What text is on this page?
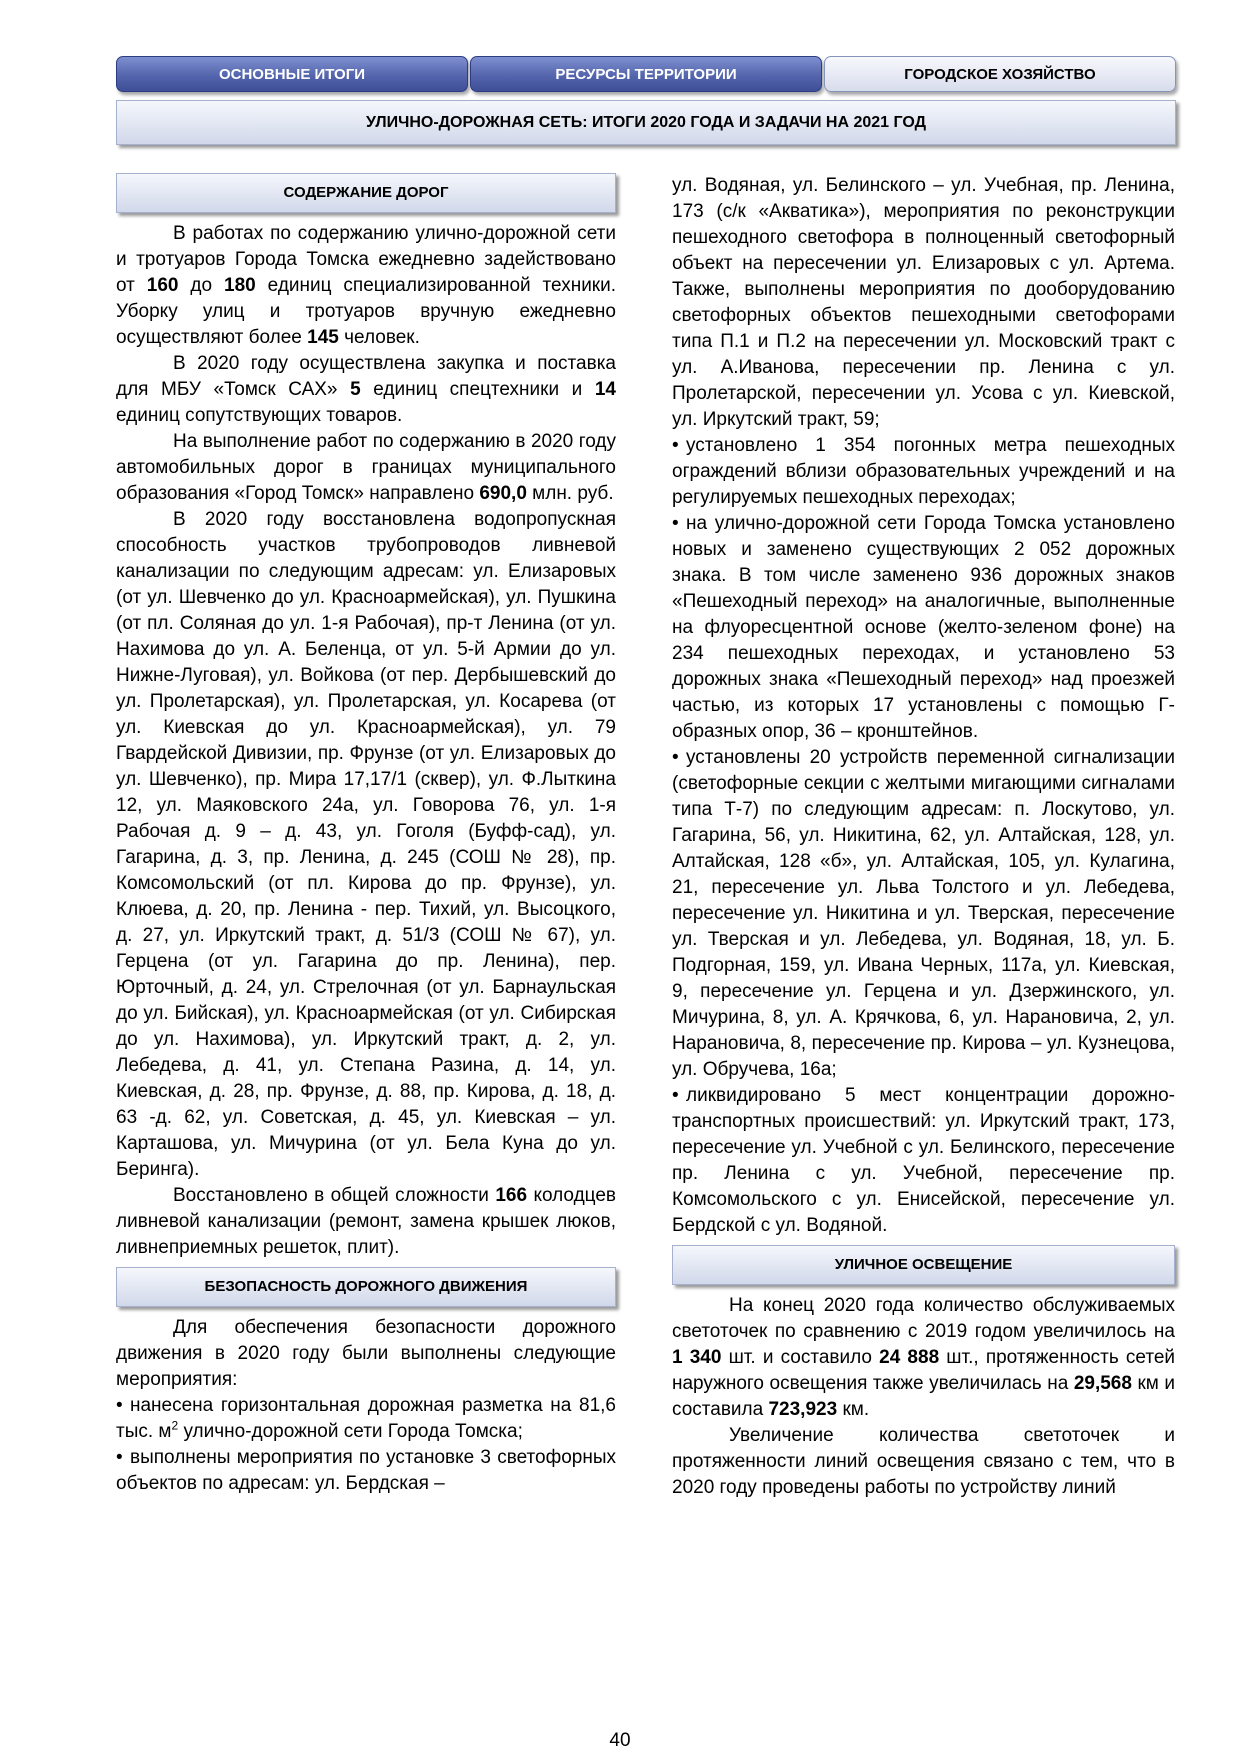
ОСНОВНЫЕ ИТОГИ	РЕСУРСЫ ТЕРРИТОРИИ	ГОРОДСКОЕ ХОЗЯЙСТВО
УЛИЧНО-ДОРОЖНАЯ СЕТЬ: ИТОГИ 2020 ГОДА И ЗАДАЧИ НА 2021 ГОД
СОДЕРЖАНИЕ ДОРОГ

В работах по содержанию улично-дорожной сети и тротуаров Города Томска ежедневно задействовано от 160 до 180 единиц специализированной техники. Уборку улиц и тротуаров вручную ежедневно осуществляют более 145 человек.

В 2020 году осуществлена закупка и поставка для МБУ «Томск САХ» 5 единиц спецтехники и 14 единиц сопутствующих товаров.

На выполнение работ по содержанию в 2020 году автомобильных дорог в границах муниципального образования «Город Томск» направлено 690,0 млн. руб.

В 2020 году восстановлена водопропускная способность участков трубопроводов ливневой канализации по следующим адресам: ул. Елизаровых (от ул. Шевченко до ул. Красноармейская), ул. Пушкина (от пл. Соляная до ул. 1-я Рабочая), пр-т Ленина (от ул. Нахимова до ул. А. Беленца, от ул. 5-й Армии до ул. Нижне-Луговая), ул. Войкова (от пер. Дербышевский до ул. Пролетарская), ул. Пролетарская, ул. Косарева (от ул. Киевская до ул. Красноармейская), ул. 79 Гвардейской Дивизии, пр. Фрунзе (от ул. Елизаровых до ул. Шевченко), пр. Мира 17,17/1 (сквер), ул. Ф.Лыткина 12, ул. Маяковского 24а, ул. Говорова 76, ул. 1-я Рабочая д. 9 – д. 43, ул. Гоголя (Буфф-сад), ул. Гагарина, д. 3, пр. Ленина, д. 245 (СОШ № 28), пр. Комсомольский (от пл. Кирова до пр. Фрунзе), ул. Клюева, д. 20, пр. Ленина - пер. Тихий, ул. Высоцкого, д. 27, ул. Иркутский тракт, д. 51/3 (СОШ № 67), ул. Герцена (от ул. Гагарина до пр. Ленина), пер. Юрточный, д. 24, ул. Стрелочная (от ул. Барнаульская до ул. Бийская), ул. Красноармейская (от ул. Сибирская до ул. Нахимова), ул. Иркутский тракт, д. 2, ул. Лебедева, д. 41, ул. Степана Разина, д. 14, ул. Киевская, д. 28, пр. Фрунзе, д. 88, пр. Кирова, д. 18, д. 63 -д. 62, ул. Советская, д. 45, ул. Киевская – ул. Карташова, ул. Мичурина (от ул. Бела Куна до ул. Беринга).

Восстановлено в общей сложности 166 колодцев ливневой канализации (ремонт, замена крышек люков, ливнеприемных решеток, плит).

БЕЗОПАСНОСТЬ ДОРОЖНОГО ДВИЖЕНИЯ

Для обеспечения безопасности дорожного движения в 2020 году были выполнены следующие мероприятия:

• нанесена горизонтальная дорожная разметка на 81,6 тыс. $м^2$ улично-дорожной сети Города Томска;

• выполнены мероприятия по установке 3 светофорных объектов по адресам: ул. Бердская –

ул. Водяная, ул. Белинского – ул. Учебная, пр. Ленина, 173 (с/к «Акватика»), мероприятия по реконструкции пешеходного светофора в полноценный светофорный объект на пересечении ул. Елизаровых с ул. Артема. Также, выполнены мероприятия по дооборудованию светофорных объектов пешеходными светофорами типа П.1 и П.2 на пересечении ул. Московский тракт с ул. А.Иванова, пересечении пр. Ленина с ул. Пролетарской, пересечении ул. Усова с ул. Киевской, ул. Иркутский тракт, 59;

• установлено 1 354 погонных метра пешеходных ограждений вблизи образовательных учреждений и на регулируемых пешеходных переходах;

• на улично-дорожной сети Города Томска установлено новых и заменено существующих 2 052 дорожных знака. В том числе заменено 936 дорожных знаков «Пешеходный переход» на аналогичные, выполненные на флуоресцентной основе (желто-зеленом фоне) на 234 пешеходных переходах, и установлено 53 дорожных знака «Пешеходный переход» над проезжей частью, из которых 17 установлены с помощью Г-образных опор, 36 – кронштейнов.

• установлены 20 устройств переменной сигнализации (светофорные секции с желтыми мигающими сигналами типа Т-7) по следующим адресам: п. Лоскутово, ул. Гагарина, 56, ул. Никитина, 62, ул. Алтайская, 128, ул. Алтайская, 128 «б», ул. Алтайская, 105, ул. Кулагина, 21, пересечение ул. Льва Толстого и ул. Лебедева, пересечение ул. Никитина и ул. Тверская, пересечение ул. Тверская и ул. Лебедева, ул. Водяная, 18, ул. Б. Подгорная, 159, ул. Ивана Черных, 117а, ул. Киевская, 9, пересечение ул. Герцена и ул. Дзержинского, ул. Мичурина, 8, ул. А. Крячкова, 6, ул. Нарановича, 2, ул. Нарановича, 8, пересечение пр. Кирова – ул. Кузнецова, ул. Обручева, 16а;

• ликвидировано 5 мест концентрации дорожно-транспортных происшествий: ул. Иркутский тракт, 173, пересечение ул. Учебной с ул. Белинского, пересечение пр. Ленина с ул. Учебной, пересечение пр. Комсомольского с ул. Енисейской, пересечение ул. Бердской с ул. Водяной.

УЛИЧНОЕ ОСВЕЩЕНИЕ

На конец 2020 года количество обслуживаемых светоточек по сравнению с 2019 годом увеличилось на 1 340 шт. и составило 24 888 шт., протяженность сетей наружного освещения также увеличилась на 29,568 км и составила 723,923 км.

Увеличение количества светоточек и протяженности линий освещения связано с тем, что в 2020 году проведены работы по устройству линий

40
